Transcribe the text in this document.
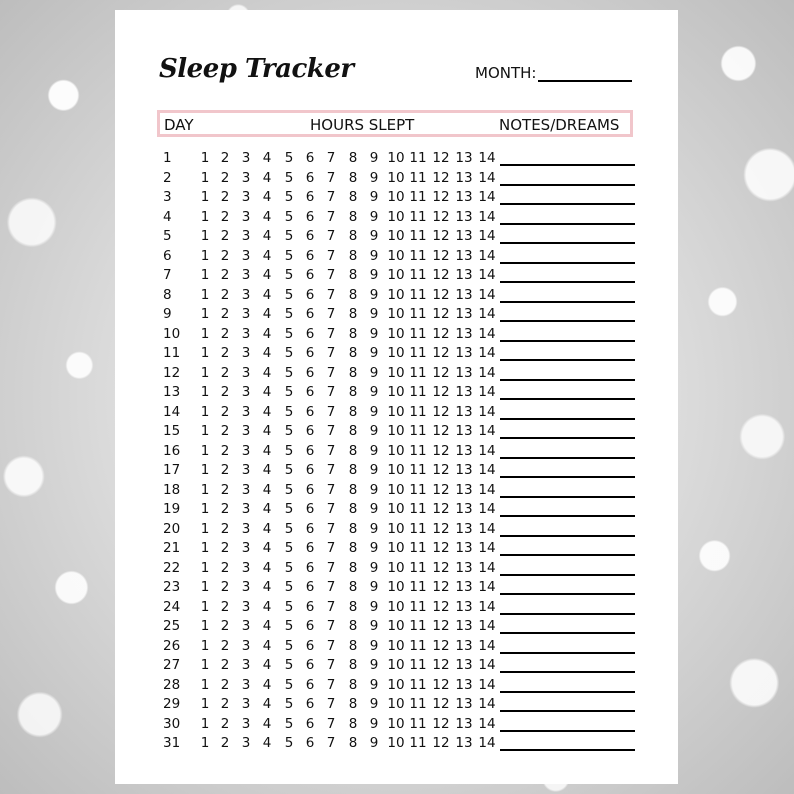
Sleep Tracker	MONTH:
DAY	HOURS SLEPT	NOTES/DREAMS
1	1 2 3 4 5 6 7 8 9 10 11 12 13 14
2	1 2 3 4 5 6 7 8 9 10 11 12 13 14
3	1 2 3 4 5 6 7 8 9 10 11 12 13 14
4	1 2 3 4 5 6 7 8 9 10 11 12 13 14
5	1 2 3 4 5 6 7 8 9 10 11 12 13 14
6	1 2 3 4 5 6 7 8 9 10 11 12 13 14
7	1 2 3 4 5 6 7 8 9 10 11 12 13 14
8	1 2 3 4 5 6 7 8 9 10 11 12 13 14
9	1 2 3 4 5 6 7 8 9 10 11 12 13 14
10	1 2 3 4 5 6 7 8 9 10 11 12 13 14
11	1 2 3 4 5 6 7 8 9 10 11 12 13 14
12	1 2 3 4 5 6 7 8 9 10 11 12 13 14
13	1 2 3 4 5 6 7 8 9 10 11 12 13 14
14	1 2 3 4 5 6 7 8 9 10 11 12 13 14
15	1 2 3 4 5 6 7 8 9 10 11 12 13 14
16	1 2 3 4 5 6 7 8 9 10 11 12 13 14
17	1 2 3 4 5 6 7 8 9 10 11 12 13 14
18	1 2 3 4 5 6 7 8 9 10 11 12 13 14
19	1 2 3 4 5 6 7 8 9 10 11 12 13 14
20	1 2 3 4 5 6 7 8 9 10 11 12 13 14
21	1 2 3 4 5 6 7 8 9 10 11 12 13 14
22	1 2 3 4 5 6 7 8 9 10 11 12 13 14
23	1 2 3 4 5 6 7 8 9 10 11 12 13 14
24	1 2 3 4 5 6 7 8 9 10 11 12 13 14
25	1 2 3 4 5 6 7 8 9 10 11 12 13 14
26	1 2 3 4 5 6 7 8 9 10 11 12 13 14
27	1 2 3 4 5 6 7 8 9 10 11 12 13 14
28	1 2 3 4 5 6 7 8 9 10 11 12 13 14
29	1 2 3 4 5 6 7 8 9 10 11 12 13 14
30	1 2 3 4 5 6 7 8 9 10 11 12 13 14
31	1 2 3 4 5 6 7 8 9 10 11 12 13 14
